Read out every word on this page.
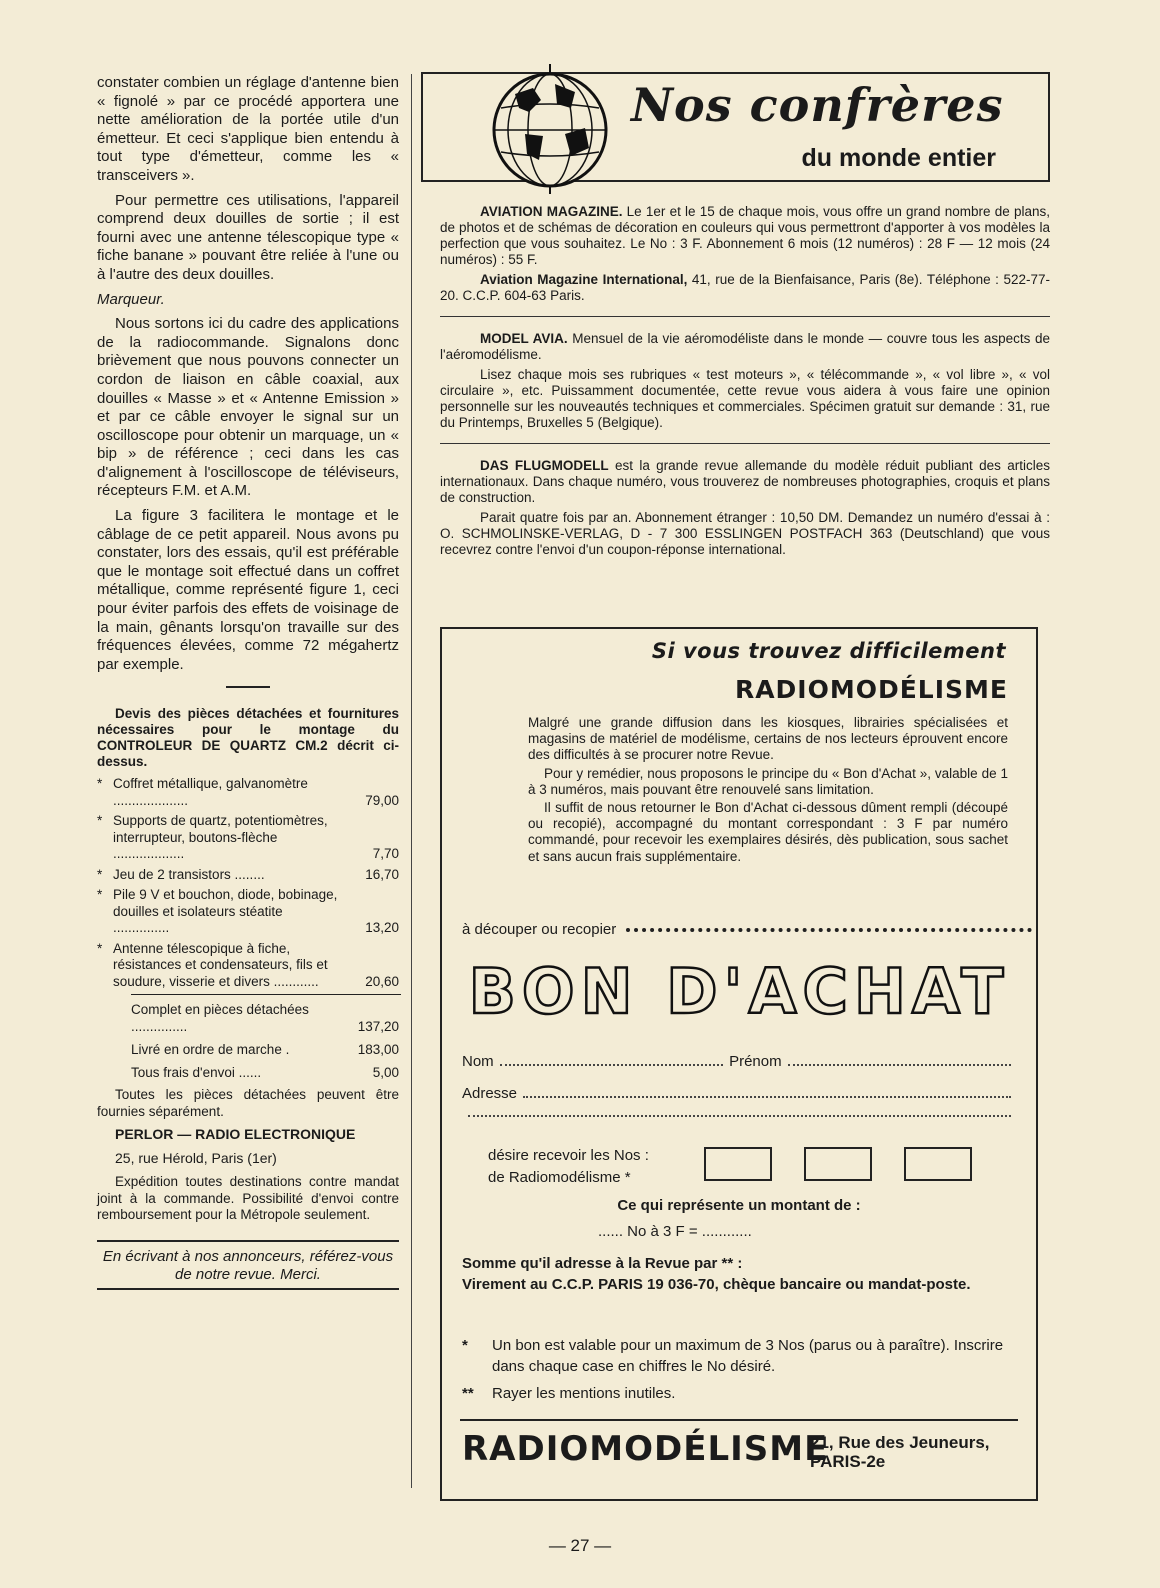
constater combien un réglage d'antenne bien « fignolé » par ce procédé apportera une nette amélioration de la portée utile d'un émetteur. Et ceci s'applique bien entendu à tout type d'émetteur, comme les « transceivers ».

Pour permettre ces utilisations, l'appareil comprend deux douilles de sortie ; il est fourni avec une antenne télescopique type « fiche banane » pouvant être reliée à l'une ou à l'autre des deux douilles.

Marqueur.

Nous sortons ici du cadre des applications de la radiocommande. Signalons donc brièvement que nous pouvons connecter un cordon de liaison en câble coaxial, aux douilles « Masse » et « Antenne Emission » et par ce câble envoyer le signal sur un oscilloscope pour obtenir un marquage, un « bip » de référence ; ceci dans les cas d'alignement à l'oscilloscope de téléviseurs, récepteurs F.M. et A.M.

La figure 3 facilitera le montage et le câblage de ce petit appareil. Nous avons pu constater, lors des essais, qu'il est préférable que le montage soit effectué dans un coffret métallique, comme représenté figure 1, ceci pour éviter parfois des effets de voisinage de la main, gênants lorsqu'on travaille sur des fréquences élevées, comme 72 mégahertz par exemple.

Devis des pièces détachées et fournitures nécessaires pour le montage du CONTROLEUR DE QUARTZ CM.2 décrit ci-dessus.

* Coffret métallique, galvanomètre ....................	79,00
* Supports de quartz, potentiomètres, interrupteur, boutons-flèche ...................	7,70
* Jeu de 2 transistors ........	16,70
* Pile 9 V et bouchon, diode, bobinage, douilles et isolateurs stéatite ...............	13,20
* Antenne télescopique à fiche, résistances et condensateurs, fils et soudure, visserie et divers ............	20,60
Complet en pièces détachées ...............	137,20
Livré en ordre de marche .	183,00
Tous frais d'envoi ......	5,00

Toutes les pièces détachées peuvent être fournies séparément.

PERLOR — RADIO ELECTRONIQUE

25, rue Hérold, Paris (1er)

Expédition toutes destinations contre mandat joint à la commande. Possibilité d'envoi contre remboursement pour la Métropole seulement.

En écrivant à nos annonceurs, référez-vous de notre revue. Merci.
Nos confrères
du monde entier

AVIATION MAGAZINE. Le 1er et le 15 de chaque mois, vous offre un grand nombre de plans, de photos et de schémas de décoration en couleurs qui vous permettront d'apporter à vos modèles la perfection que vous souhaitez. Le No : 3 F. Abonnement 6 mois (12 numéros) : 28 F — 12 mois (24 numéros) : 55 F.

Aviation Magazine International, 41, rue de la Bienfaisance, Paris (8e). Téléphone : 522-77-20. C.C.P. 604-63 Paris.

MODEL AVIA. Mensuel de la vie aéromodéliste dans le monde — couvre tous les aspects de l'aéromodélisme.

Lisez chaque mois ses rubriques « test moteurs », « télécommande », « vol libre », « vol circulaire », etc. Puissamment documentée, cette revue vous aidera à vous faire une opinion personnelle sur les nouveautés techniques et commerciales. Spécimen gratuit sur demande : 31, rue du Printemps, Bruxelles 5 (Belgique).

DAS FLUGMODELL est la grande revue allemande du modèle réduit publiant des articles internationaux. Dans chaque numéro, vous trouverez de nombreuses photographies, croquis et plans de construction.

Parait quatre fois par an. Abonnement étranger : 10,50 DM. Demandez un numéro d'essai à : O. SCHMOLINSKE-VERLAG, D - 7 300 ESSLINGEN POSTFACH 363 (Deutschland) que vous recevrez contre l'envoi d'un coupon-réponse international.

Si vous trouvez difficilement
RADIOMODÉLISME

Malgré une grande diffusion dans les kiosques, librairies spécialisées et magasins de matériel de modélisme, certains de nos lecteurs éprouvent encore des difficultés à se procurer notre Revue.

Pour y remédier, nous proposons le principe du « Bon d'Achat », valable de 1 à 3 numéros, mais pouvant être renouvelé sans limitation.

Il suffit de nous retourner le Bon d'Achat ci-dessous dûment rempli (découpé ou recopié), accompagné du montant correspondant : 3 F par numéro commandé, pour recevoir les exemplaires désirés, dès publication, sous sachet et sans aucun frais supplémentaire.

à découper ou recopier
BON D'ACHAT
Nom	Prénom
Adresse
désire recevoir les Nos :
de Radiomodélisme *
Ce qui représente un montant de :
...... No à 3 F = ............
Somme qu'il adresse à la Revue par ** :
Virement au C.C.P. PARIS 19 036-70, chèque bancaire ou mandat-poste.
*	Un bon est valable pour un maximum de 3 Nos (parus ou à paraître). Inscrire dans chaque case en chiffres le No désiré.
**	Rayer les mentions inutiles.
RADIOMODÉLISME
21, Rue des Jeuneurs,
PARIS-2e
— 27 —
